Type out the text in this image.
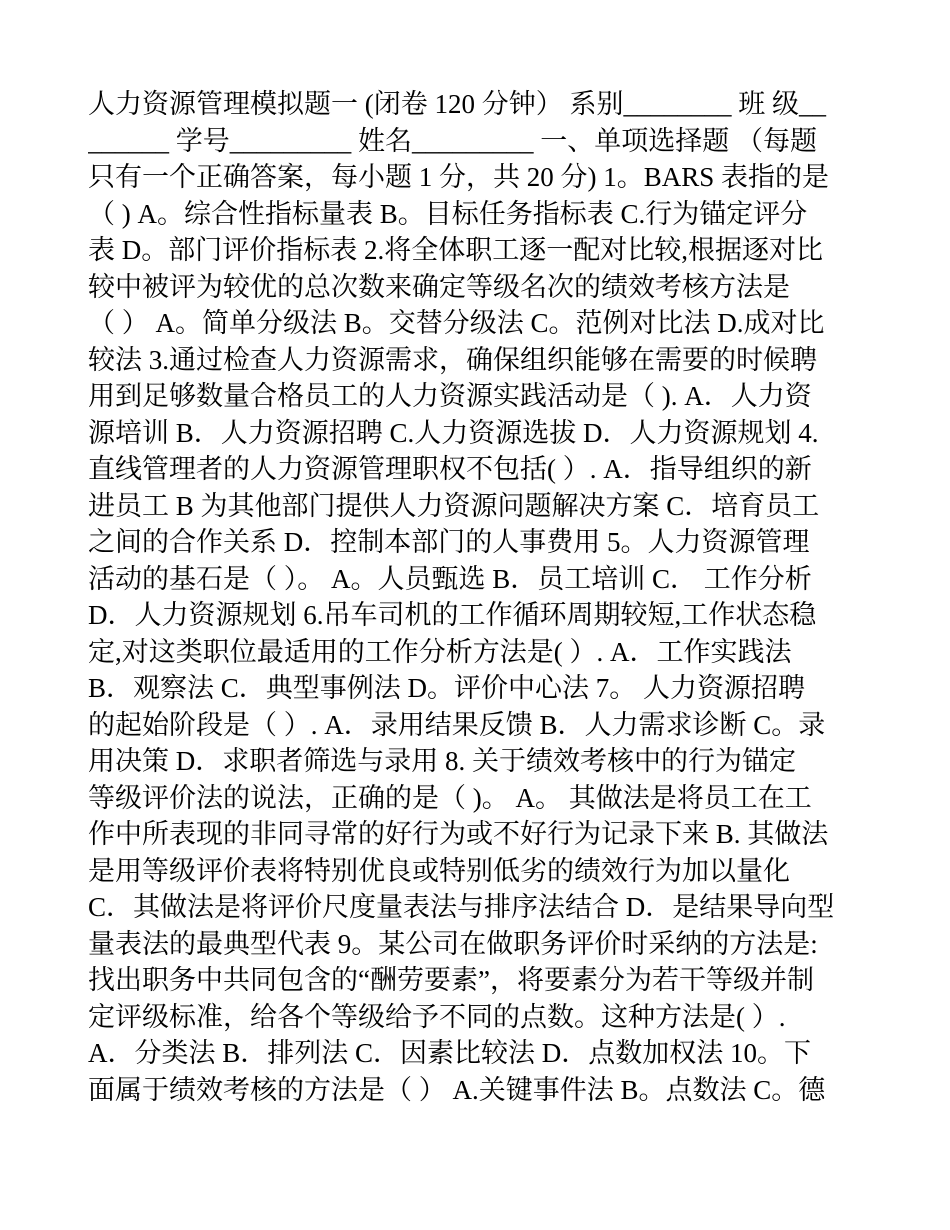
人力资源管理模拟题一 (闭卷 120 分钟） 系别________ 班 级__
______ 学号_________ 姓名_________ 一、单项选择题 （每题
只有一个正确答案，每小题 1 分，共 20 分) 1。BARS 表指的是
（ ) A。综合性指标量表 B。目标任务指标表 C.行为锚定评分
表 D。部门评价指标表 2.将全体职工逐一配对比较,根据逐对比
较中被评为较优的总次数来确定等级名次的绩效考核方法是
（ ） A。简单分级法 B。交替分级法 C。范例对比法 D.成对比
较法 3.通过检查人力资源需求，确保组织能够在需要的时候聘
用到足够数量合格员工的人力资源实践活动是（ ). A．人力资
源培训 B．人力资源招聘 C.人力资源选拔 D．人力资源规划 4.
直线管理者的人力资源管理职权不包括( ）. A．指导组织的新
进员工 B 为其他部门提供人力资源问题解决方案 C．培育员工
之间的合作关系 D．控制本部门的人事费用 5。人力资源管理
活动的基石是（ ）。 A。人员甄选 B．员工培训 C． 工作分析
D．人力资源规划 6.吊车司机的工作循环周期较短,工作状态稳
定,对这类职位最适用的工作分析方法是( ）. A．工作实践法
B．观察法 C．典型事例法 D。评价中心法 7。 人力资源招聘
的起始阶段是（ ）. A．录用结果反馈 B．人力需求诊断 C。录
用决策 D．求职者筛选与录用 8. 关于绩效考核中的行为锚定
等级评价法的说法，正确的是（ )。 A。 其做法是将员工在工
作中所表现的非同寻常的好行为或不好行为记录下来 B. 其做法
是用等级评价表将特别优良或特别低劣的绩效行为加以量化
C．其做法是将评价尺度量表法与排序法结合 D．是结果导向型
量表法的最典型代表 9。某公司在做职务评价时采纳的方法是:
找出职务中共同包含的“酬劳要素”，将要素分为若干等级并制
定评级标准，给各个等级给予不同的点数。这种方法是( ）.
A．分类法 B．排列法 C．因素比较法 D．点数加权法 10。下
面属于绩效考核的方法是（ ） A.关键事件法 B。点数法 C。德
